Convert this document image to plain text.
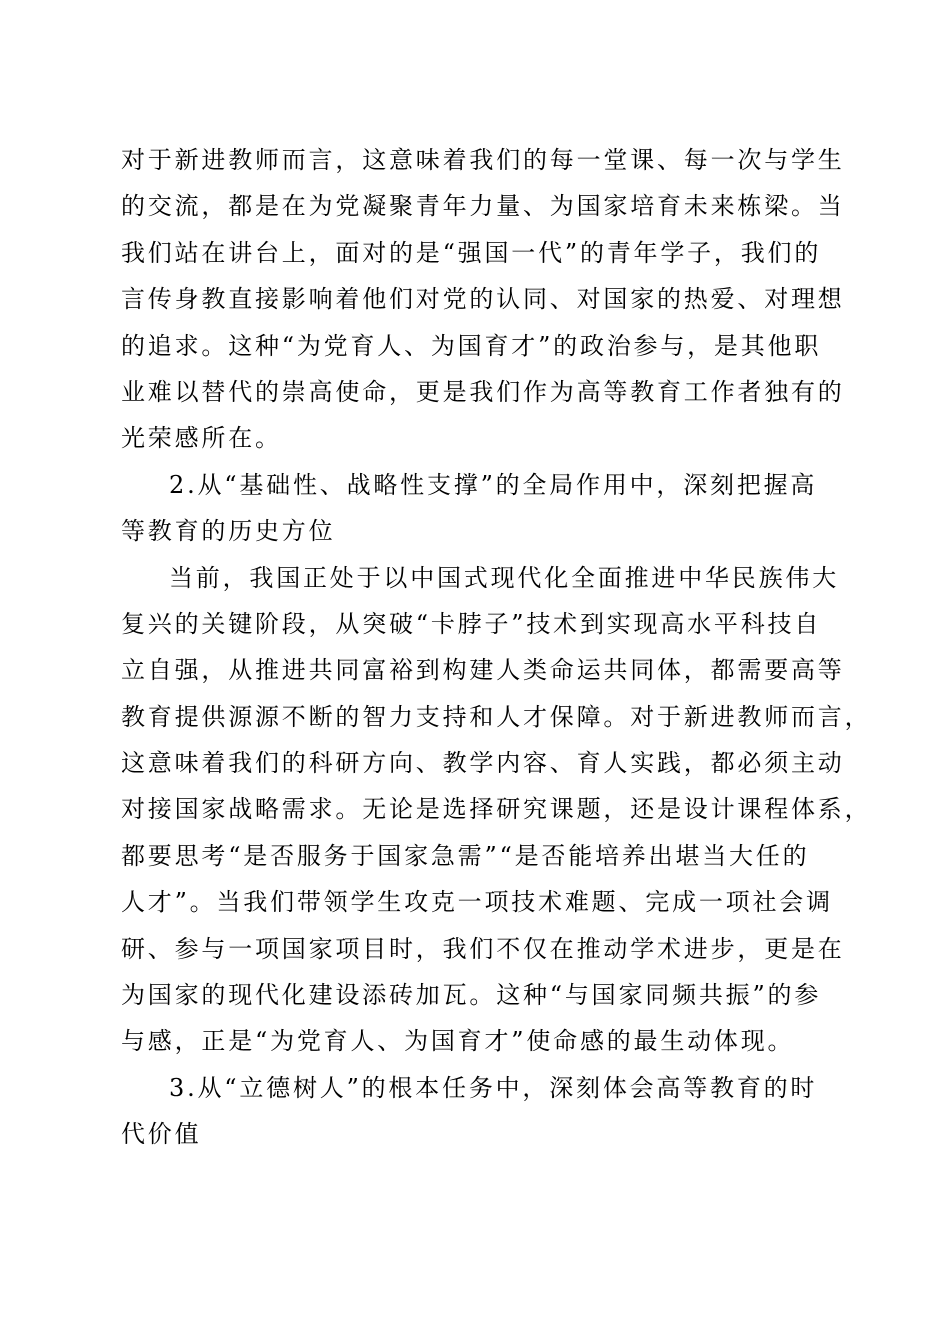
对于新进教师而言，这意味着我们的每一堂课、每一次与学生
的交流，都是在为党凝聚青年力量、为国家培育未来栋梁。当
我们站在讲台上，面对的是“强国一代”的青年学子，我们的
言传身教直接影响着他们对党的认同、对国家的热爱、对理想
的追求。这种“为党育人、为国育才”的政治参与，是其他职
业难以替代的崇高使命，更是我们作为高等教育工作者独有的
光荣感所在。
2.从“基础性、战略性支撑”的全局作用中，深刻把握高
等教育的历史方位
当前，我国正处于以中国式现代化全面推进中华民族伟大
复兴的关键阶段，从突破“卡脖子”技术到实现高水平科技自
立自强，从推进共同富裕到构建人类命运共同体，都需要高等
教育提供源源不断的智力支持和人才保障。对于新进教师而言，
这意味着我们的科研方向、教学内容、育人实践，都必须主动
对接国家战略需求。无论是选择研究课题，还是设计课程体系，
都要思考“是否服务于国家急需”“是否能培养出堪当大任的
人才”。当我们带领学生攻克一项技术难题、完成一项社会调
研、参与一项国家项目时，我们不仅在推动学术进步，更是在
为国家的现代化建设添砖加瓦。这种“与国家同频共振”的参
与感，正是“为党育人、为国育才”使命感的最生动体现。
3.从“立德树人”的根本任务中，深刻体会高等教育的时
代价值
